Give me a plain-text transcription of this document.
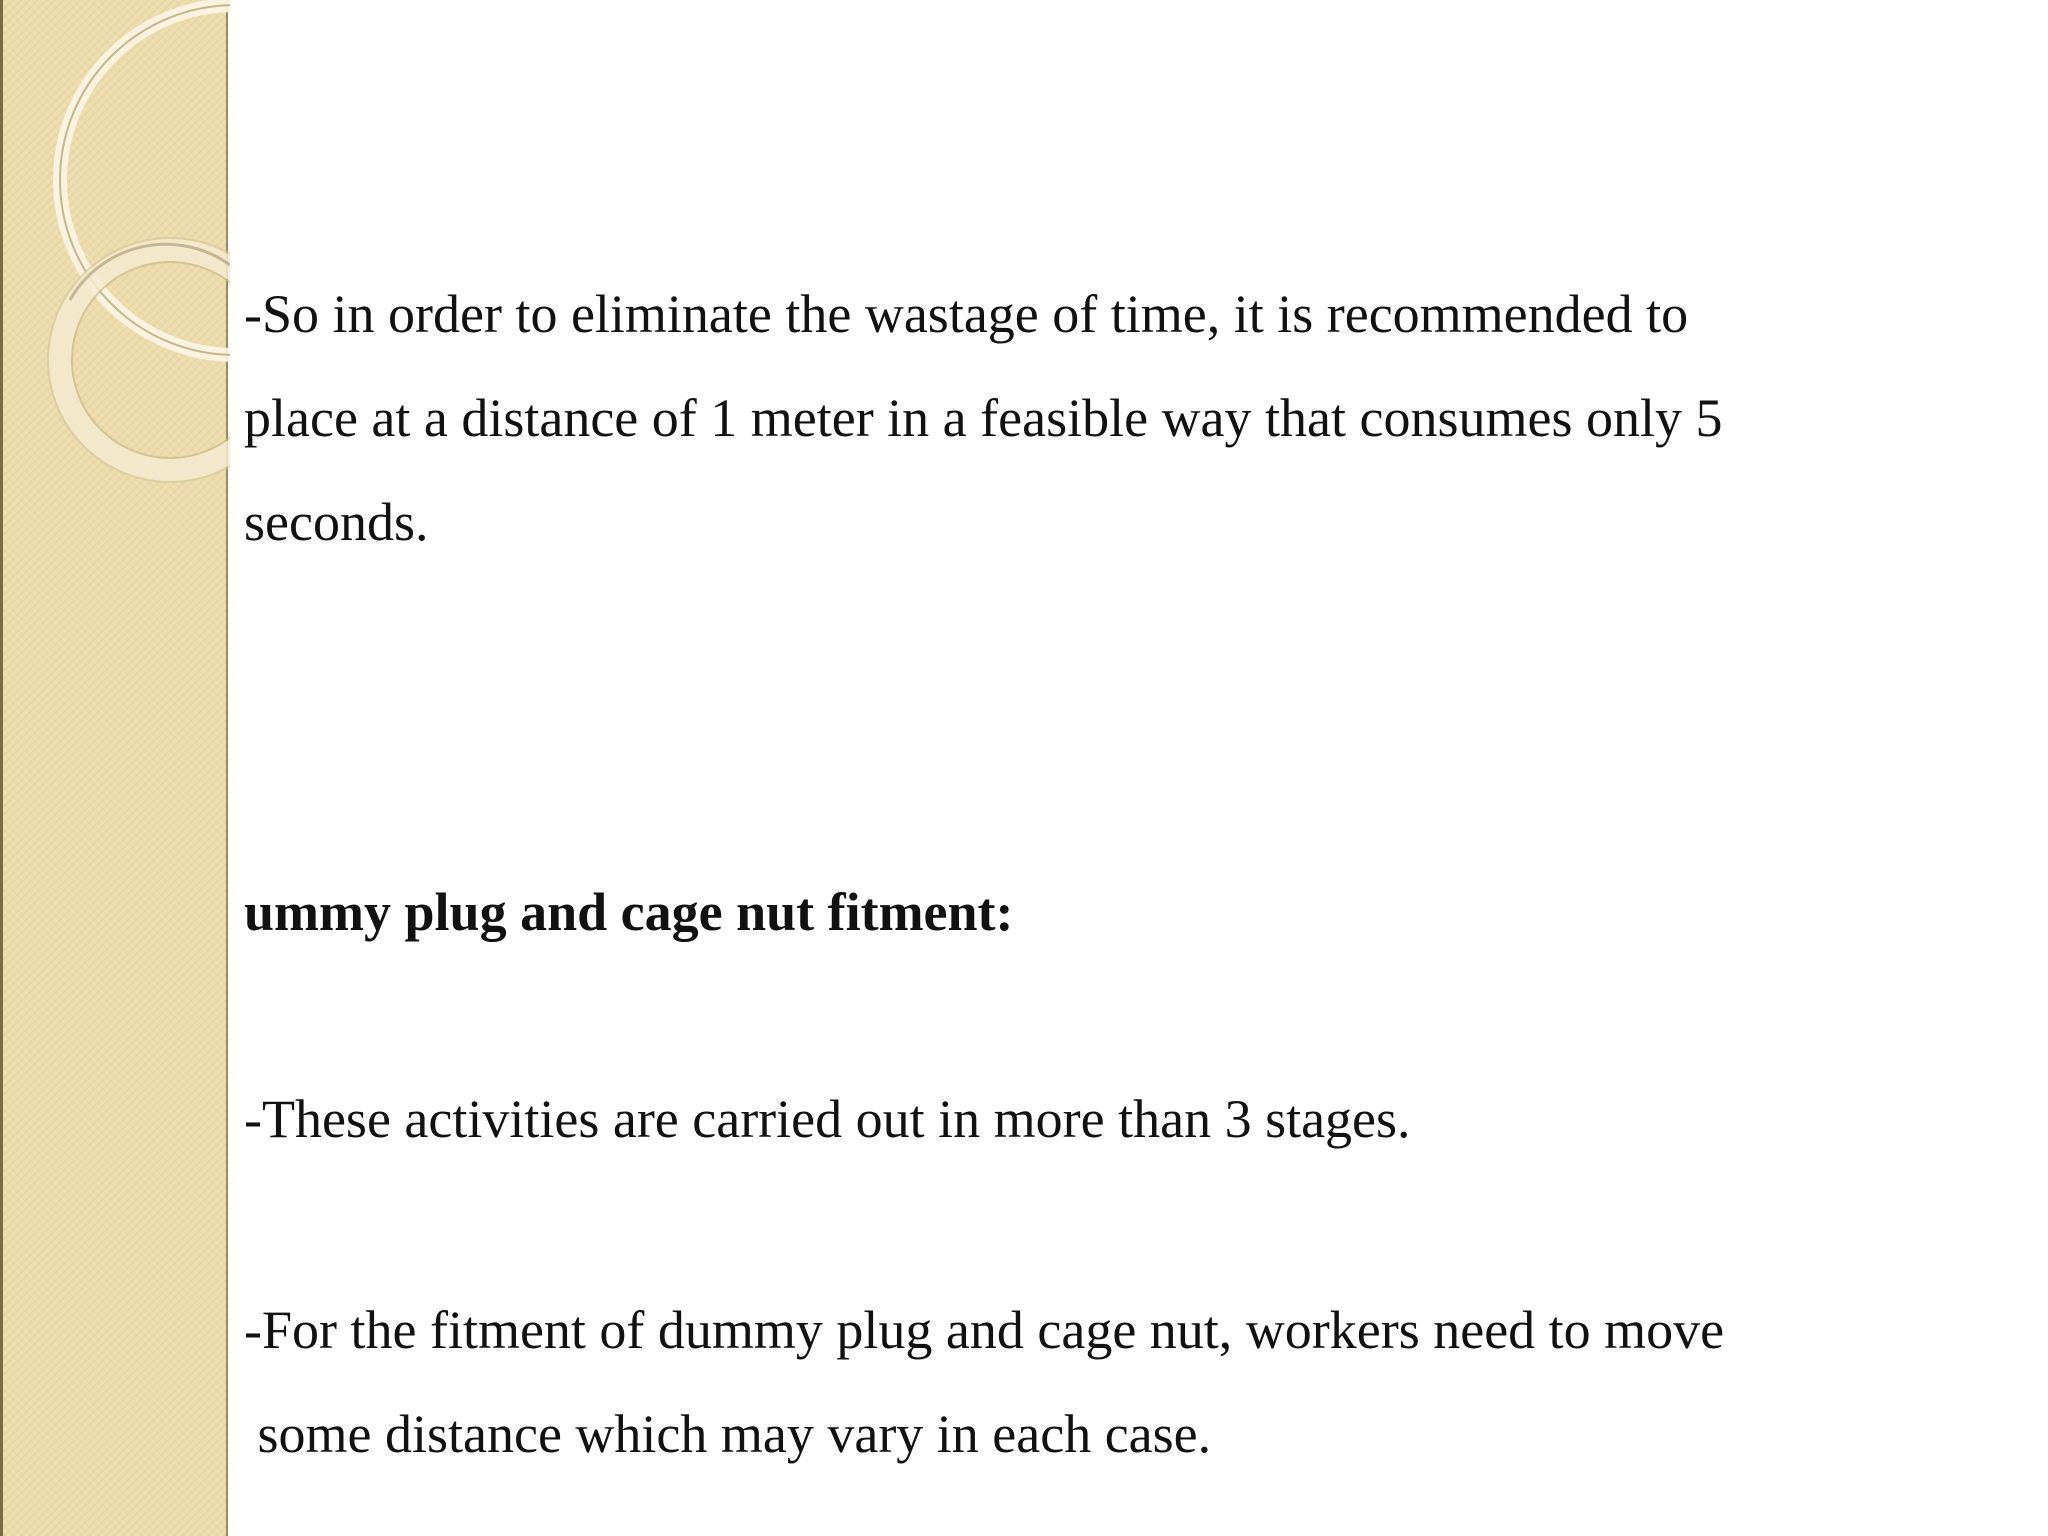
-So in order to eliminate the wastage of time, it is recommended to
place at a distance of 1 meter in a feasible way that consumes only 5
seconds.

ummy plug and cage nut fitment:

-These activities are carried out in more than 3 stages.

-For the fitment of dummy plug and cage nut, workers need to move
some distance which may vary in each case.
